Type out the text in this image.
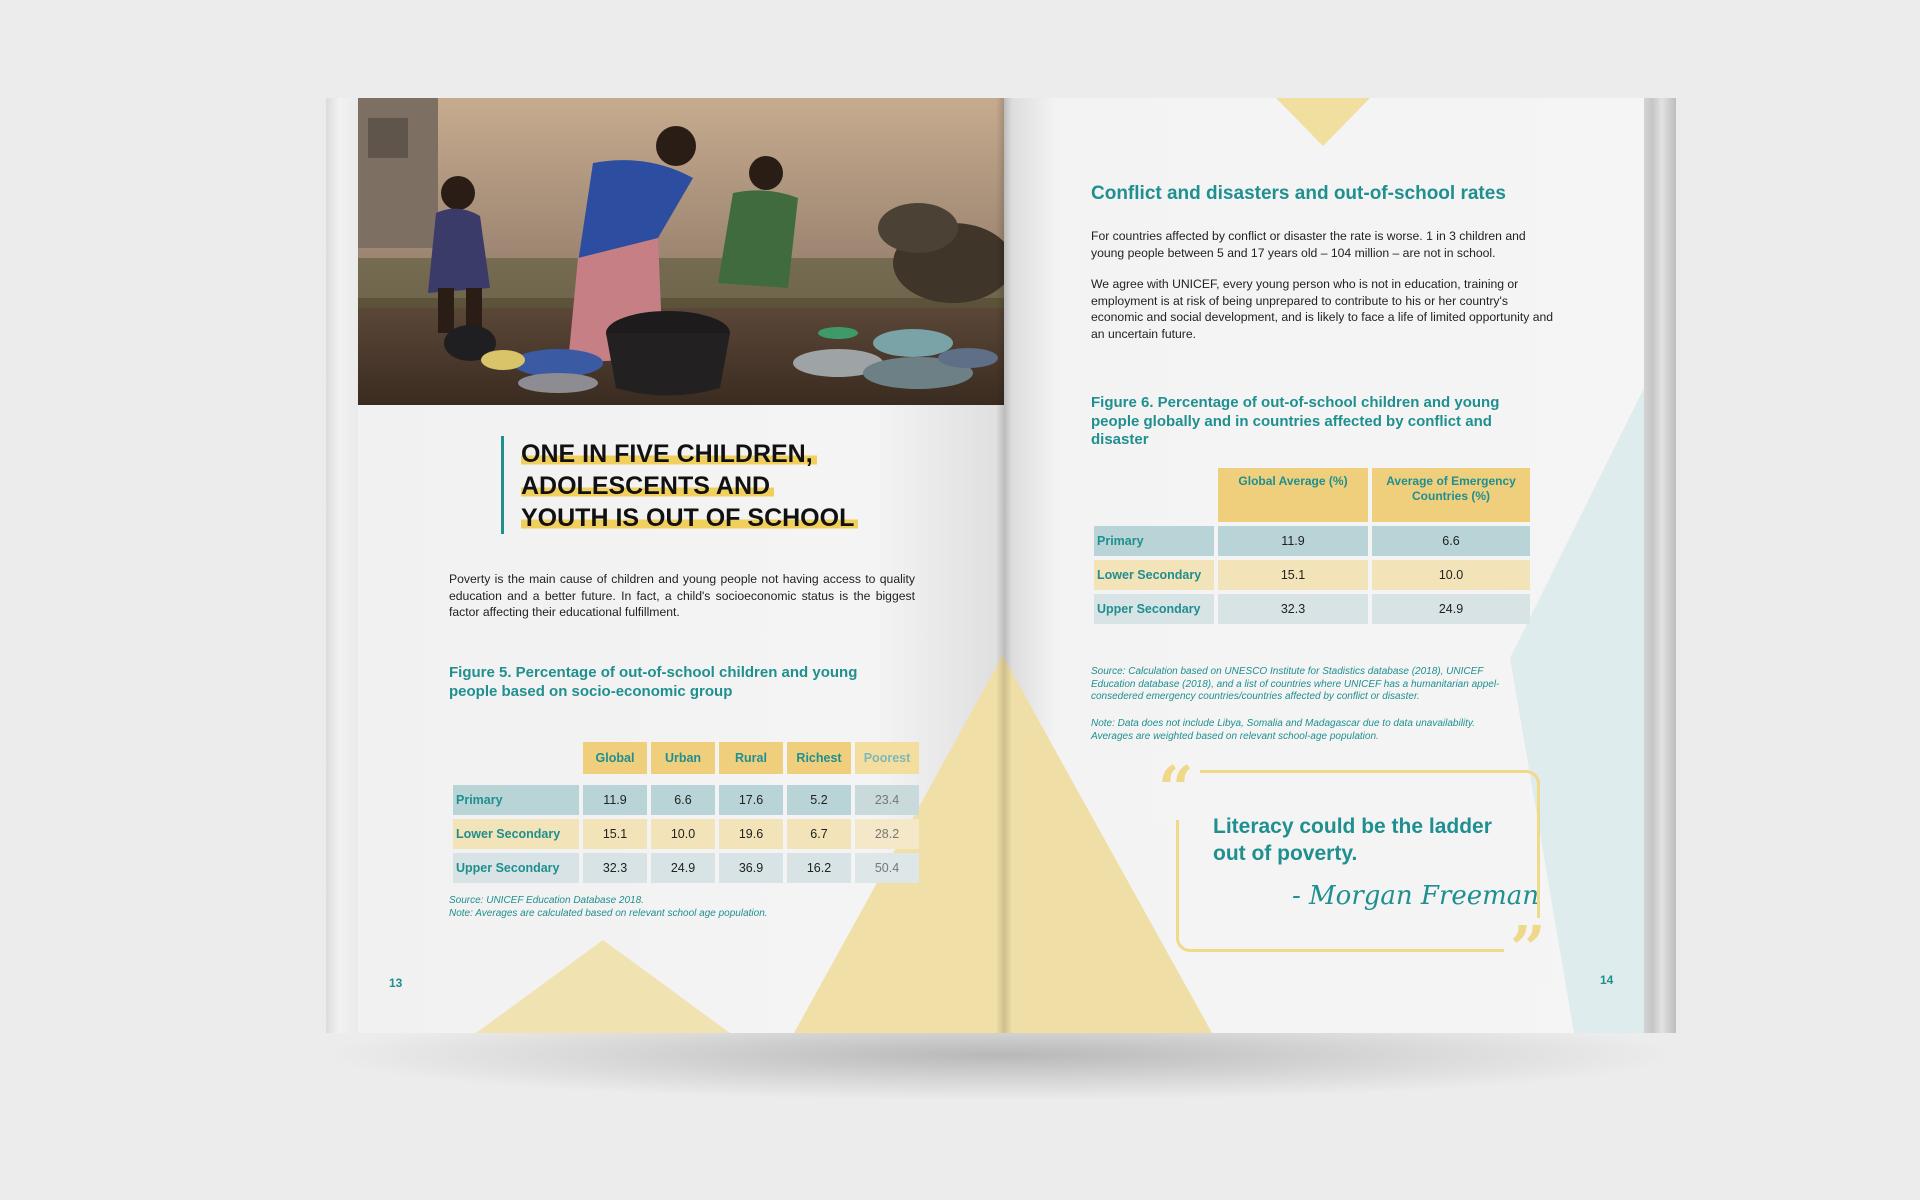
ONE IN FIVE CHILDREN,
ADOLESCENTS AND
YOUTH IS OUT OF SCHOOL

Poverty is the main cause of children and young people not having access to quality education and a better future. In fact, a child's socioeconomic status is the biggest factor affecting their educational fulfillment.

Figure 5. Percentage of out-of-school children and young people based on socio-economic group

	Global	Urban	Rural	Richest	Poorest

Primary	11.9	6.6	17.6	5.2	23.4
Lower Secondary	15.1	10.0	19.6	6.7	28.2
Upper Secondary	32.3	24.9	36.9	16.2	50.4

Source: UNICEF Education Database 2018.

Note: Averages are calculated based on relevant school age population.

13

Conflict and disasters and out-of-school rates

For countries affected by conflict or disaster the rate is worse. 1 in 3 children and young people between 5 and 17 years old – 104 million – are not in school.

We agree with UNICEF, every young person who is not in education, training or employment is at risk of being unprepared to contribute to his or her country's economic and social development, and is likely to face a life of limited opportunity and an uncertain future.

Figure 6. Percentage of out-of-school children and young people globally and in countries affected by conflict and disaster

	Global Average (%)	Average of Emergency Countries (%)
Primary	11.9	6.6
Lower Secondary	15.1	10.0
Upper Secondary	32.3	24.9

Source: Calculation based on UNESCO Institute for Stadistics database (2018), UNICEF Education database (2018), and a list of countries where UNICEF has a humanitarian appel-consedered emergency countries/countries affected by conflict or disaster.

Note: Data does not include Libya, Somalia and Madagascar due to data unavailability. Averages are weighted based on relevant school-age population.

“
”

Literacy could be the ladder out of poverty.

- Morgan Freeman
14
